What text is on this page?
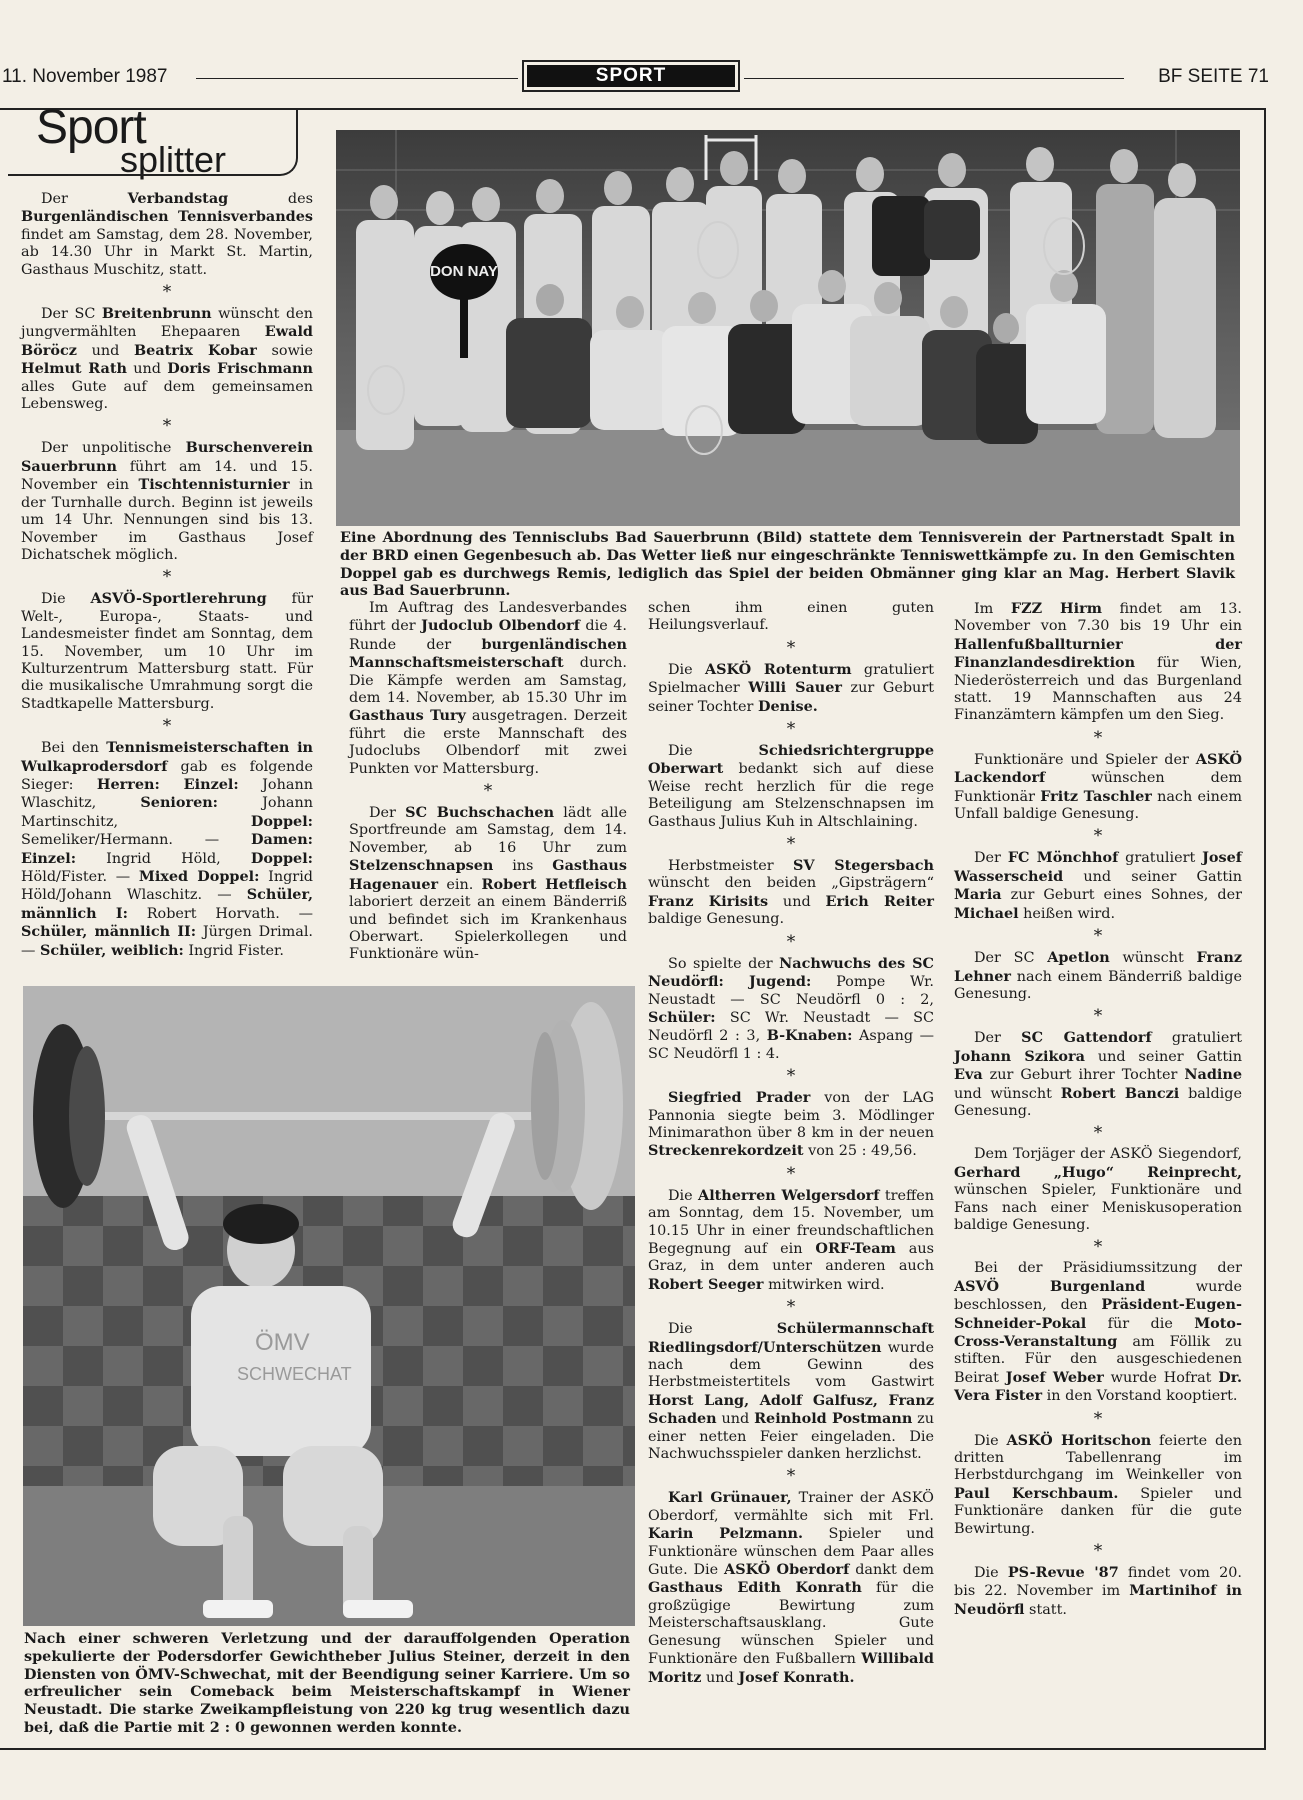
11. November 1987	SPORT	BF SEITE 71
Sport
splitter

Der Verbandstag des Burgenländischen Tennisverbandes findet am Samstag, dem 28. November, ab 14.30 Uhr in Markt St. Martin, Gasthaus Muschitz, statt.

*

Der SC Breitenbrunn wünscht den jungvermählten Ehepaaren Ewald Böröcz und Beatrix Kobar sowie Helmut Rath und Doris Frischmann alles Gute auf dem gemeinsamen Lebensweg.

*

Der unpolitische Burschenverein Sauerbrunn führt am 14. und 15. November ein Tischtennisturnier in der Turnhalle durch. Beginn ist jeweils um 14 Uhr. Nennungen sind bis 13. November im Gasthaus Josef Dichatschek möglich.

*

Die ASVÖ-Sportlerehrung für Welt-, Europa-, Staats- und Landesmeister findet am Sonntag, dem 15. November, um 10 Uhr im Kulturzentrum Mattersburg statt. Für die musikalische Umrahmung sorgt die Stadtkapelle Mattersburg.

*

Bei den Tennismeisterschaften in Wulkaprodersdorf gab es folgende Sieger: Herren: Einzel: Johann Wlaschitz, Senioren: Johann Martinschitz, Doppel: Semeliker/Hermann. — Damen: Einzel: Ingrid Höld, Doppel: Höld/Fister. — Mixed Doppel: Ingrid Höld/Johann Wlaschitz. — Schüler, männlich I: Robert Horvath. — Schüler, männlich II: Jürgen Drimal. — Schüler, weiblich: Ingrid Fister.

Im Auftrag des Landesverbandes führt der Judoclub Olbendorf die 4. Runde der burgenländischen Mannschaftsmeisterschaft durch. Die Kämpfe werden am Samstag, dem 14. November, ab 15.30 Uhr im Gasthaus Tury ausgetragen. Derzeit führt die erste Mannschaft des Judoclubs Olbendorf mit zwei Punkten vor Mattersburg.

*

Der SC Buchschachen lädt alle Sportfreunde am Samstag, dem 14. November, ab 16 Uhr zum Stelzenschnapsen ins Gasthaus Hagenauer ein. Robert Hetfleisch laboriert derzeit an einem Bänderriß und befindet sich im Krankenhaus Oberwart. Spielerkollegen und Funktionäre wün-

schen ihm einen guten Heilungsverlauf.

*

Die ASKÖ Rotenturm gratuliert Spielmacher Willi Sauer zur Geburt seiner Tochter Denise.

*

Die Schiedsrichtergruppe Oberwart bedankt sich auf diese Weise recht herzlich für die rege Beteiligung am Stelzenschnapsen im Gasthaus Julius Kuh in Altschlaining.

*

Herbstmeister SV Stegersbach wünscht den beiden „Gipsträgern“ Franz Kirisits und Erich Reiter baldige Genesung.

*

So spielte der Nachwuchs des SC Neudörfl: Jugend: Pompe Wr. Neustadt — SC Neudörfl 0 : 2, Schüler: SC Wr. Neustadt — SC Neudörfl 2 : 3, B-Knaben: Aspang — SC Neudörfl 1 : 4.

*

Siegfried Prader von der LAG Pannonia siegte beim 3. Mödlinger Minimarathon über 8 km in der neuen Streckenrekordzeit von 25 : 49,56.

*

Die Altherren Welgersdorf treffen am Sonntag, dem 15. November, um 10.15 Uhr in einer freundschaftlichen Begegnung auf ein ORF-Team aus Graz, in dem unter anderen auch Robert Seeger mitwirken wird.

*

Die Schülermannschaft Riedlingsdorf/Unterschützen wurde nach dem Gewinn des Herbstmeistertitels vom Gastwirt Horst Lang, Adolf Galfusz, Franz Schaden und Reinhold Postmann zu einer netten Feier eingeladen. Die Nachwuchsspieler danken herzlichst.

*

Karl Grünauer, Trainer der ASKÖ Oberdorf, vermählte sich mit Frl. Karin Pelzmann. Spieler und Funktionäre wünschen dem Paar alles Gute. Die ASKÖ Oberdorf dankt dem Gasthaus Edith Konrath für die großzügige Bewirtung zum Meisterschaftsausklang. Gute Genesung wünschen Spieler und Funktionäre den Fußballern Willibald Moritz und Josef Konrath.

Im FZZ Hirm findet am 13. November von 7.30 bis 19 Uhr ein Hallenfußballturnier der Finanzlandesdirektion für Wien, Niederösterreich und das Burgenland statt. 19 Mannschaften aus 24 Finanzämtern kämpfen um den Sieg.

*

Funktionäre und Spieler der ASKÖ Lackendorf wünschen dem Funktionär Fritz Taschler nach einem Unfall baldige Genesung.

*

Der FC Mönchhof gratuliert Josef Wasserscheid und seiner Gattin Maria zur Geburt eines Sohnes, der Michael heißen wird.

*

Der SC Apetlon wünscht Franz Lehner nach einem Bänderriß baldige Genesung.

*

Der SC Gattendorf gratuliert Johann Szikora und seiner Gattin Eva zur Geburt ihrer Tochter Nadine und wünscht Robert Banczi baldige Genesung.

*

Dem Torjäger der ASKÖ Siegendorf, Gerhard „Hugo“ Reinprecht, wünschen Spieler, Funktionäre und Fans nach einer Meniskusoperation baldige Genesung.

*

Bei der Präsidiumssitzung der ASVÖ Burgenland wurde beschlossen, den Präsident-Eugen-Schneider-Pokal für die Moto-Cross-Veranstaltung am Föllik zu stiften. Für den ausgeschiedenen Beirat Josef Weber wurde Hofrat Dr. Vera Fister in den Vorstand kooptiert.

*

Die ASKÖ Horitschon feierte den dritten Tabellenrang im Herbstdurchgang im Weinkeller von Paul Kerschbaum. Spieler und Funktionäre danken für die gute Bewirtung.

*

Die PS-Revue '87 findet vom 20. bis 22. November im Martinihof in Neudörfl statt.

DON NAY
Eine Abordnung des Tennisclubs Bad Sauerbrunn (Bild) stattete dem Tennisverein der Partnerstadt Spalt in der BRD einen Gegenbesuch ab. Das Wetter ließ nur eingeschränkte Tenniswettkämpfe zu. In den Gemischten Doppel gab es durchwegs Remis, lediglich das Spiel der beiden Obmänner ging klar an Mag. Herbert Slavik aus Bad Sauerbrunn.
ÖMV
SCHWECHAT
Nach einer schweren Verletzung und der darauffolgenden Operation spekulierte der Podersdorfer Gewichtheber Julius Steiner, derzeit in den Diensten von ÖMV-Schwechat, mit der Beendigung seiner Karriere. Um so erfreulicher sein Comeback beim Meisterschaftskampf in Wiener Neustadt. Die starke Zweikampfleistung von 220 kg trug wesentlich dazu bei, daß die Partie mit 2 : 0 gewonnen werden konnte.
